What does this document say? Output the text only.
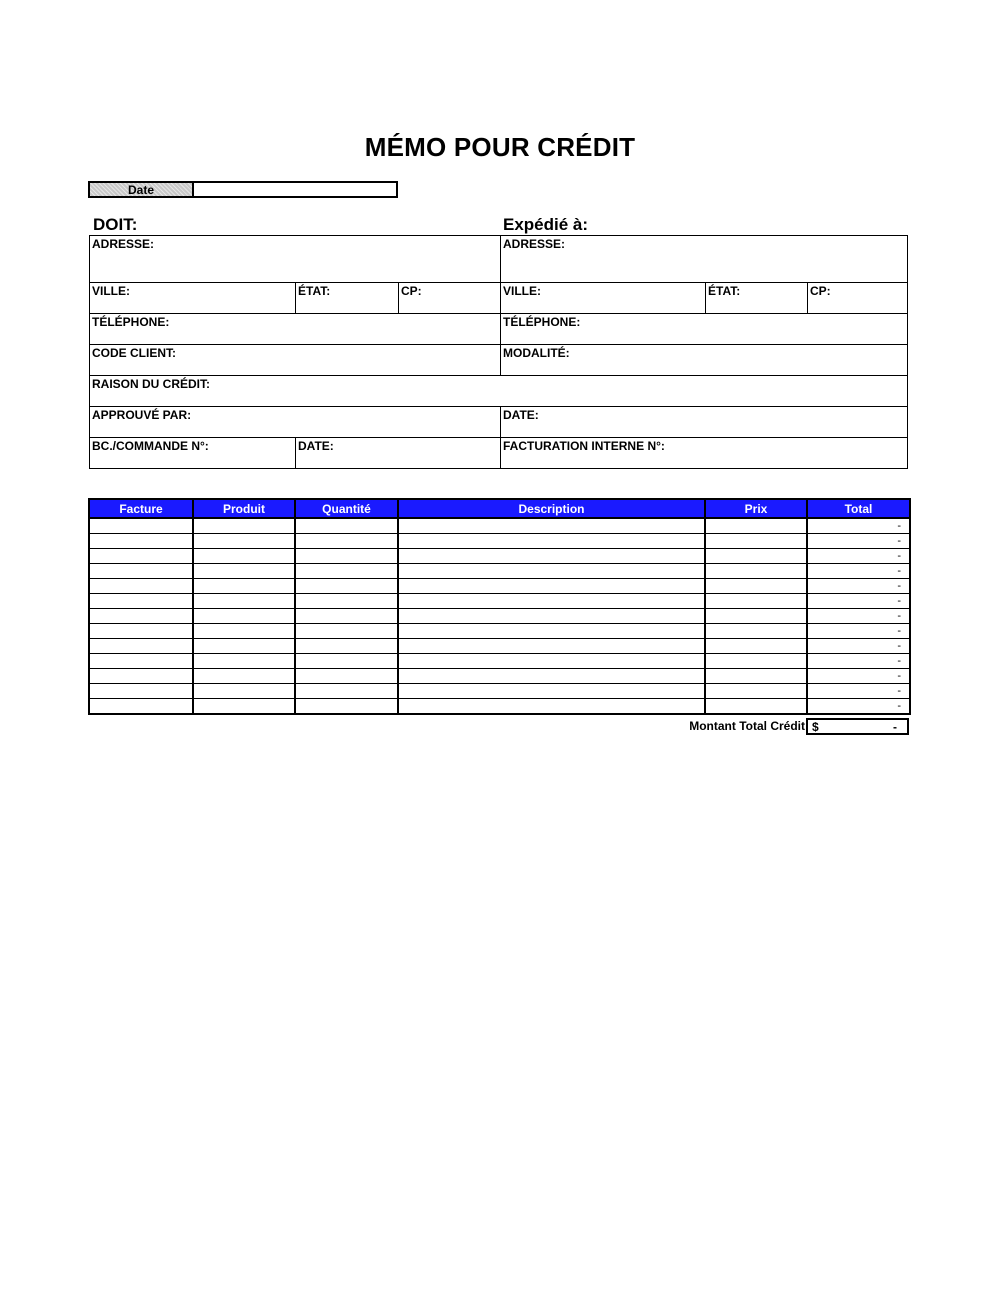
MÉMO POUR CRÉDIT
Date
DOIT:	Expédié à:
ADRESSE:	ADRESSE:
VILLE:	ÉTAT:	CP:	VILLE:	ÉTAT:	CP:
TÉLÉPHONE:	TÉLÉPHONE:
CODE CLIENT:	MODALITÉ:
RAISON DU CRÉDIT:
APPROUVÉ PAR:	DATE:
BC./COMMANDE N°:	DATE:	FACTURATION INTERNE N°:
Facture	Produit	Quantité	Description	Prix	Total
					-
					-
					-
					-
					-
					-
					-
					-
					-
					-
					-
					-
					-
Montant Total Crédit $	-
